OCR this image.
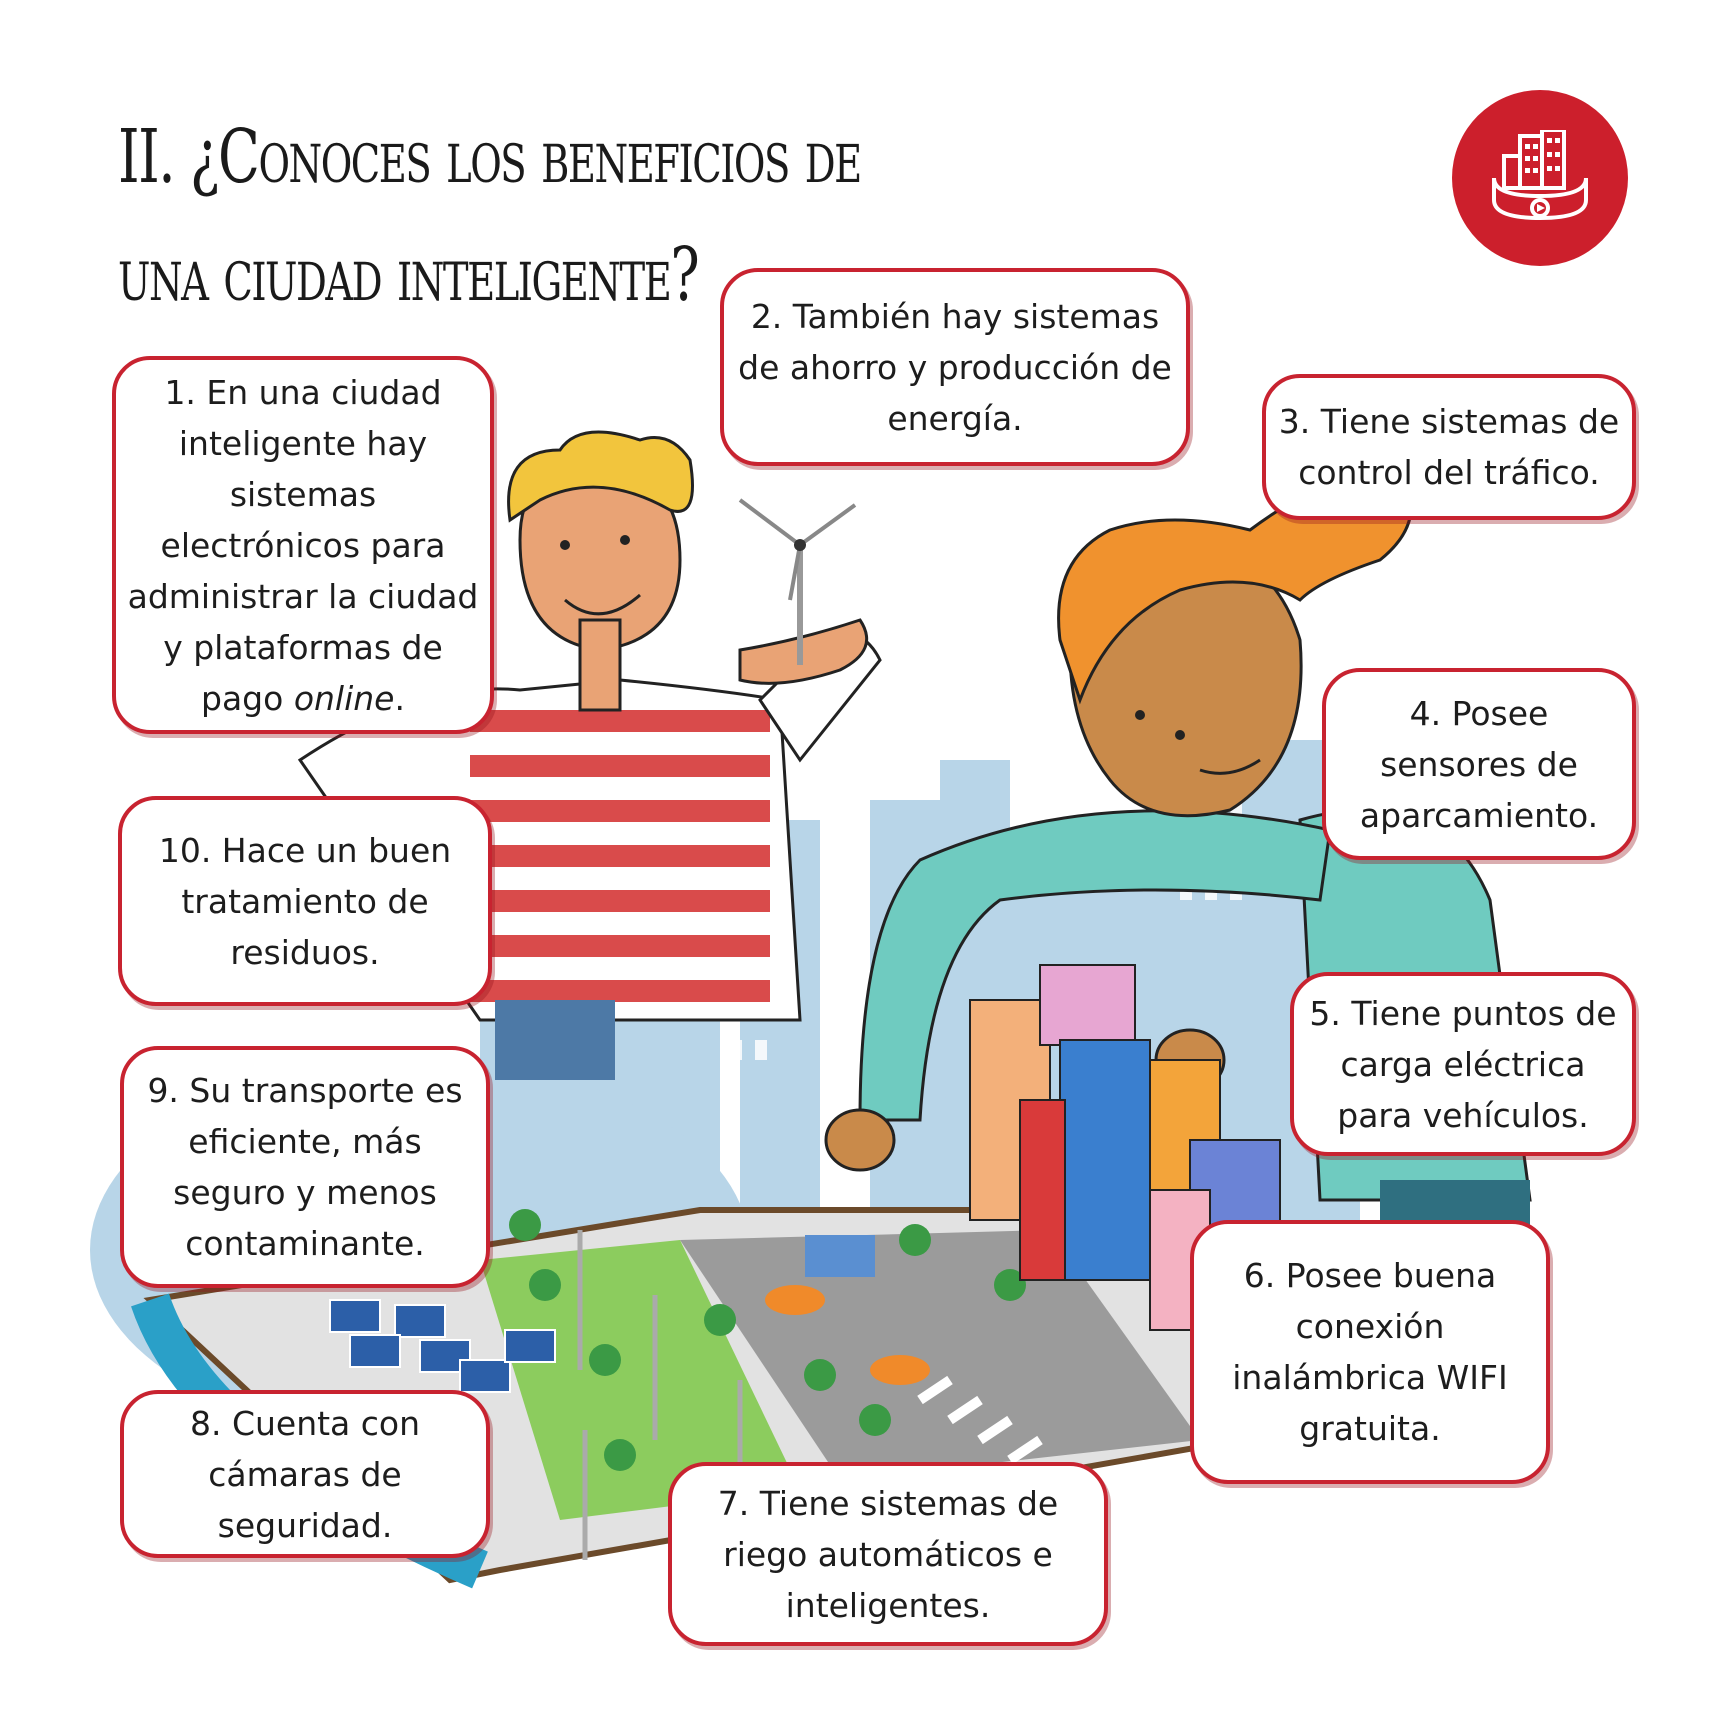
II. ¿Conoces los beneficios de
una ciudad inteligente?
1. En una ciudad inteligente hay sistemas electrónicos para administrar la ciudad y plataformas de pago online.
2. También hay sistemas de ahorro y producción de energía.	3. Tiene sistemas de control del tráfico.
4. Posee sensores de aparcamiento.
5. Tiene puntos de carga eléctrica para vehículos.
6. Posee buena conexión inalámbrica WIFI gratuita.
7. Tiene sistemas de riego automáticos e inteligentes.
8. Cuenta con cámaras de seguridad.
9. Su transporte es eficiente, más seguro y menos contaminante.
10. Hace un buen tratamiento de residuos.
